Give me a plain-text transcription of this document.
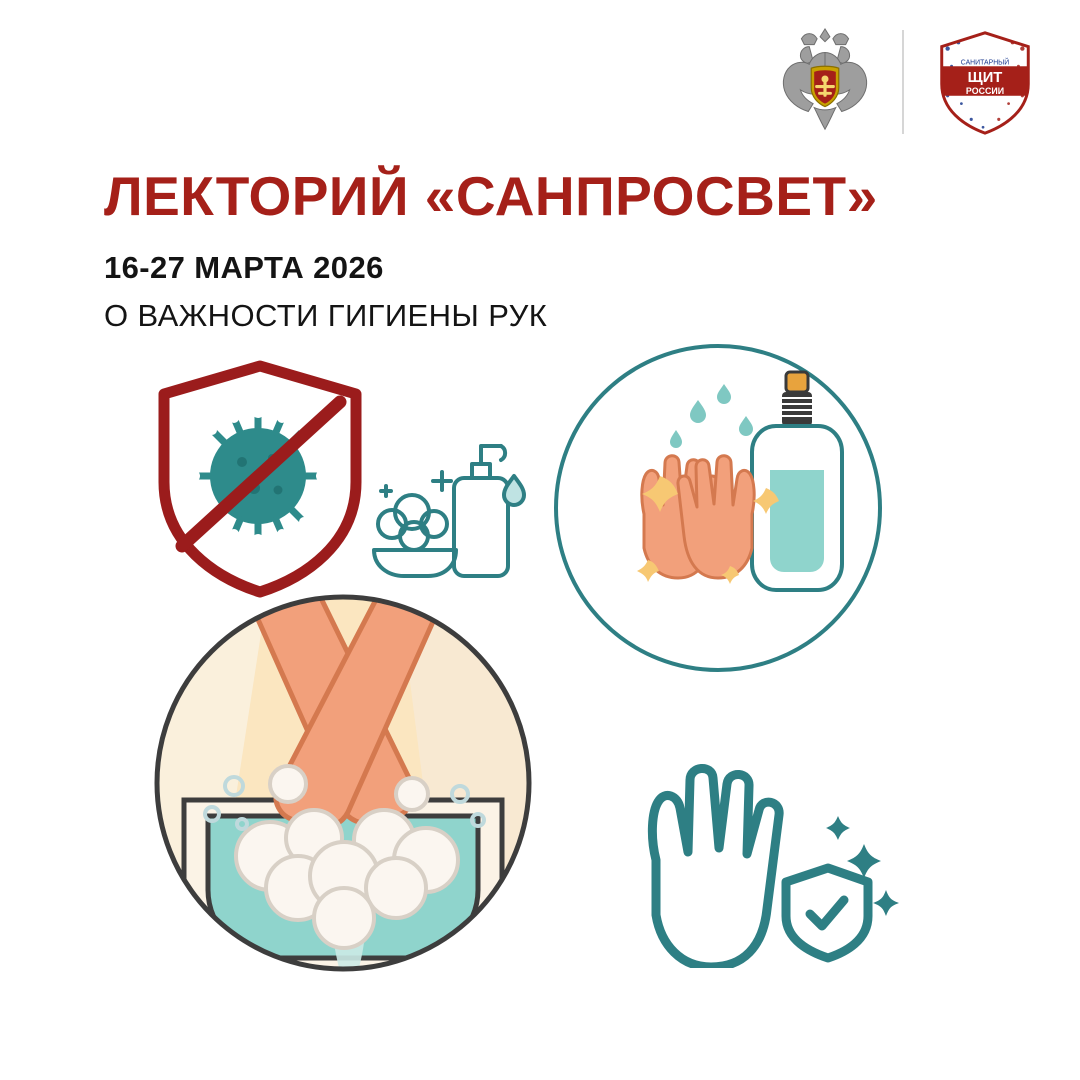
САНИТАРНЫЙ
ЩИТ
РОССИИ
ЛЕКТОРИЙ «САНПРОСВЕТ»

16-27 МАРТА 2026

О ВАЖНОСТИ ГИГИЕНЫ РУК
